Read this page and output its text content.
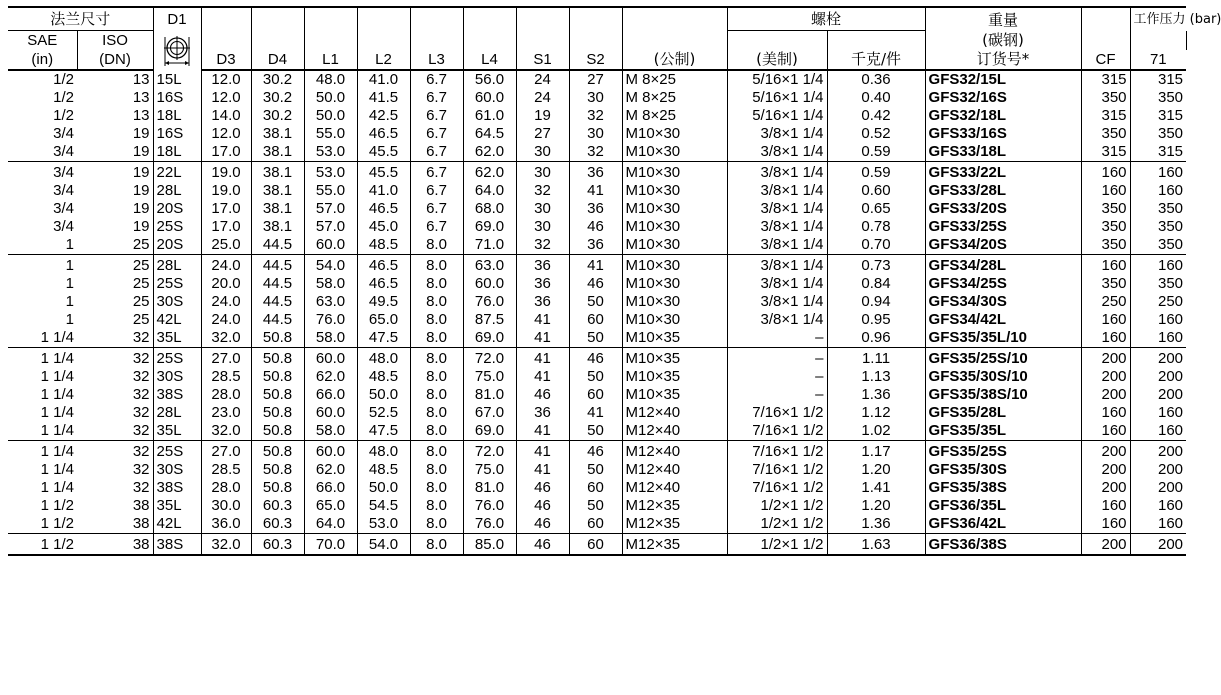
法兰尺寸		D1										螺栓		重量		工作压力 (bar)	
SAE	ISO													(碳钢)			
(in)	(DN)		D3	D4	L1	L2	L3	L4	S1	S2	(公制)	(美制)	千克/件	订货号*	CF	71	
1/2	13	15L	12.0	30.2	48.0	41.0	6.7	56.0	24	27	M 8×25	5/16×1 1/4	0.36	GFS32/15L	315	315	
1/2	13	16S	12.0	30.2	50.0	41.5	6.7	60.0	24	30	M 8×25	5/16×1 1/4	0.40	GFS32/16S	350	350	
1/2	13	18L	14.0	30.2	50.0	42.5	6.7	61.0	19	32	M 8×25	5/16×1 1/4	0.42	GFS32/18L	315	315	
3/4	19	16S	12.0	38.1	55.0	46.5	6.7	64.5	27	30	M10×30	3/8×1 1/4	0.52	GFS33/16S	350	350	
3/4	19	18L	17.0	38.1	53.0	45.5	6.7	62.0	30	32	M10×30	3/8×1 1/4	0.59	GFS33/18L	315	315	
3/4	19	22L	19.0	38.1	53.0	45.5	6.7	62.0	30	36	M10×30	3/8×1 1/4	0.59	GFS33/22L	160	160	
3/4	19	28L	19.0	38.1	55.0	41.0	6.7	64.0	32	41	M10×30	3/8×1 1/4	0.60	GFS33/28L	160	160	
3/4	19	20S	17.0	38.1	57.0	46.5	6.7	68.0	30	36	M10×30	3/8×1 1/4	0.65	GFS33/20S	350	350	
3/4	19	25S	17.0	38.1	57.0	45.0	6.7	69.0	30	46	M10×30	3/8×1 1/4	0.78	GFS33/25S	350	350	
1	25	20S	25.0	44.5	60.0	48.5	8.0	71.0	32	36	M10×30	3/8×1 1/4	0.70	GFS34/20S	350	350	
1	25	28L	24.0	44.5	54.0	46.5	8.0	63.0	36	41	M10×30	3/8×1 1/4	0.73	GFS34/28L	160	160	
1	25	25S	20.0	44.5	58.0	46.5	8.0	60.0	36	46	M10×30	3/8×1 1/4	0.84	GFS34/25S	350	350	
1	25	30S	24.0	44.5	63.0	49.5	8.0	76.0	36	50	M10×30	3/8×1 1/4	0.94	GFS34/30S	250	250	
1	25	42L	24.0	44.5	76.0	65.0	8.0	87.5	41	60	M10×30	3/8×1 1/4	0.95	GFS34/42L	160	160	
1 1/4	32	35L	32.0	50.8	58.0	47.5	8.0	69.0	41	50	M10×35	–	0.96	GFS35/35L/10	160	160	
1 1/4	32	25S	27.0	50.8	60.0	48.0	8.0	72.0	41	46	M10×35	–	1.11	GFS35/25S/10	200	200	
1 1/4	32	30S	28.5	50.8	62.0	48.5	8.0	75.0	41	50	M10×35	–	1.13	GFS35/30S/10	200	200	
1 1/4	32	38S	28.0	50.8	66.0	50.0	8.0	81.0	46	60	M10×35	–	1.36	GFS35/38S/10	200	200	
1 1/4	32	28L	23.0	50.8	60.0	52.5	8.0	67.0	36	41	M12×40	7/16×1 1/2	1.12	GFS35/28L	160	160	
1 1/4	32	35L	32.0	50.8	58.0	47.5	8.0	69.0	41	50	M12×40	7/16×1 1/2	1.02	GFS35/35L	160	160	
1 1/4	32	25S	27.0	50.8	60.0	48.0	8.0	72.0	41	46	M12×40	7/16×1 1/2	1.17	GFS35/25S	200	200	
1 1/4	32	30S	28.5	50.8	62.0	48.5	8.0	75.0	41	50	M12×40	7/16×1 1/2	1.20	GFS35/30S	200	200	
1 1/4	32	38S	28.0	50.8	66.0	50.0	8.0	81.0	46	60	M12×40	7/16×1 1/2	1.41	GFS35/38S	200	200	
1 1/2	38	35L	30.0	60.3	65.0	54.5	8.0	76.0	46	50	M12×35	1/2×1 1/2	1.20	GFS36/35L	160	160	
1 1/2	38	42L	36.0	60.3	64.0	53.0	8.0	76.0	46	60	M12×35	1/2×1 1/2	1.36	GFS36/42L	160	160	
1 1/2	38	38S	32.0	60.3	70.0	54.0	8.0	85.0	46	60	M12×35	1/2×1 1/2	1.63	GFS36/38S	200	200	
